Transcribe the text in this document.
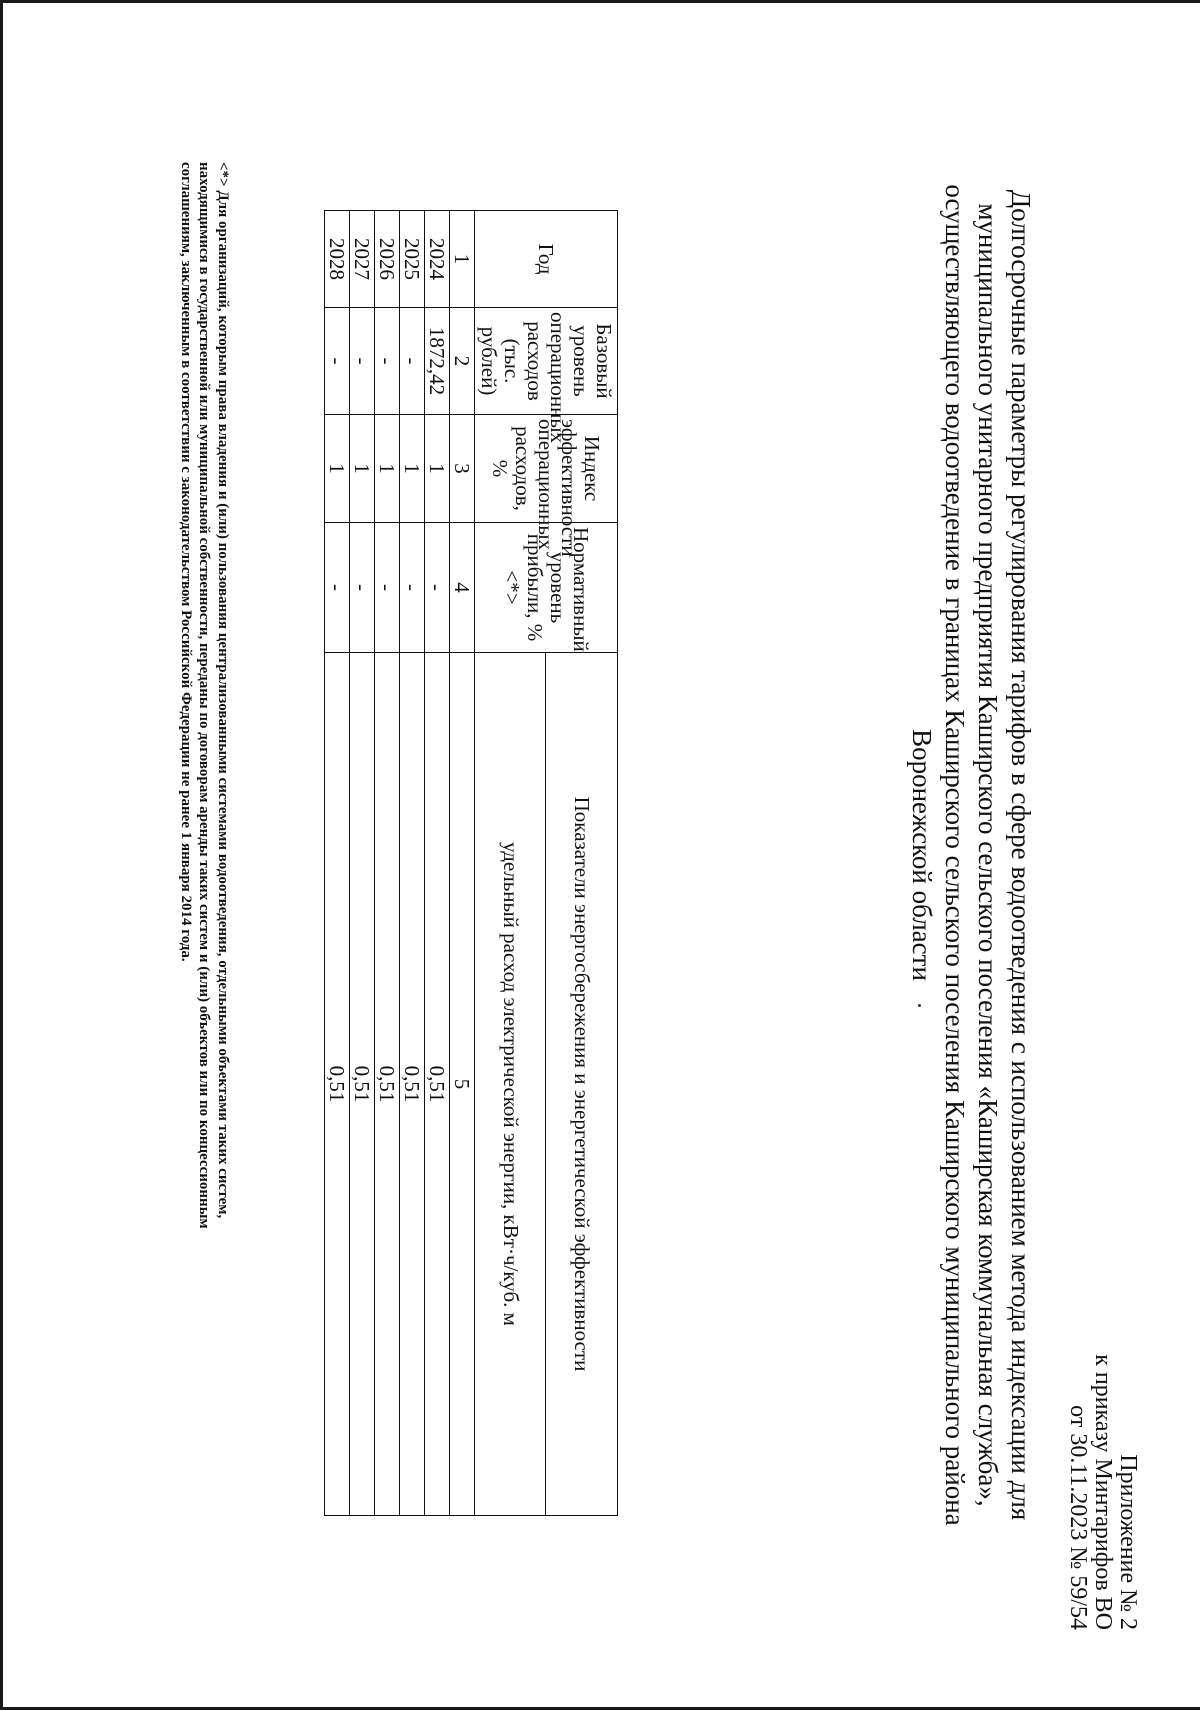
Приложение № 2
к приказу Минтарифов ВО
от 30.11.2023 № 59/54
Долгосрочные параметры регулирования тарифов в сфере водоотведения с использованием метода индексации для
муниципального унитарного предприятия Каширского сельского поселения «Каширская коммунальная служба»,
осуществляющего водоотведение в границах Каширского сельского поселения Каширского муниципального района
Воронежской области
Год	Базовый уровень операционных расходов (тыс. рублей)	Индекс эффективности операционных расходов, %	Нормативный уровень прибыли, % <*>	Показатели энергосбережения и энергетической эффективности
				удельный расход электрической энергии, кВт·ч/куб. м
1	2	3	4	5
2024	1872,42	1	-	0,51
2025	-	1	-	0,51
2026	-	1	-	0,51
2027	-	1	-	0,51
2028	-	1	-	0,51
<*> Для организаций, которым права владения и (или) пользования централизованными системами водоотведения, отдельными объектами таких систем,
находящимися в государственной или муниципальной собственности, переданы по договорам аренды таких систем и (или) объектов или по концессионным
соглашениям, заключенным в соответствии с законодательством Российской Федерации не ранее 1 января 2014 года.
